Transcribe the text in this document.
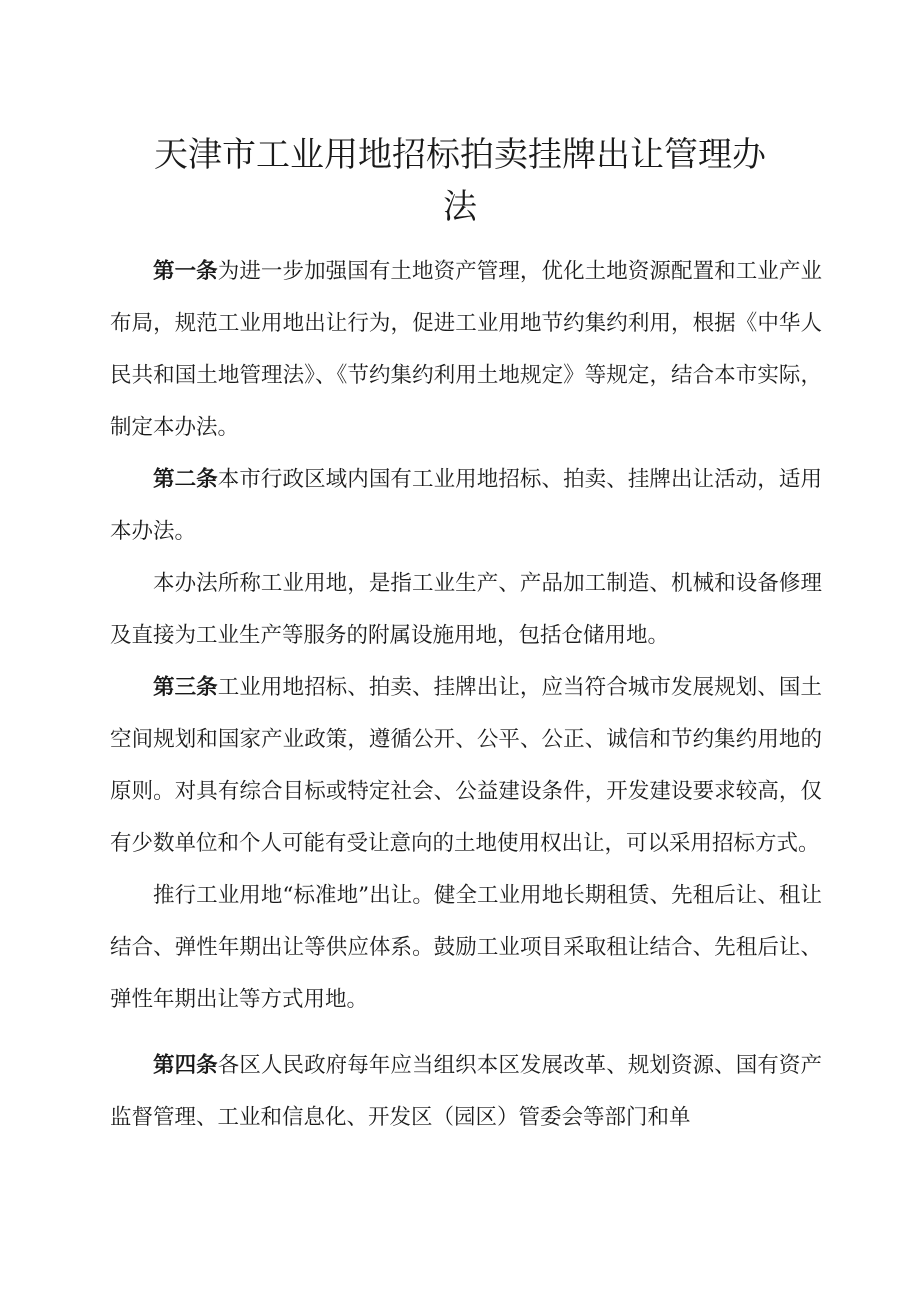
天津市工业用地招标拍卖挂牌出让管理办
法

第一条为进一步加强国有土地资产管理，优化土地资源配置和工业产业布局，规范工业用地出让行为，促进工业用地节约集约利用，根据《中华人民共和国土地管理法》、《节约集约利用土地规定》等规定，结合本市实际，制定本办法。

第二条本市行政区域内国有工业用地招标、拍卖、挂牌出让活动，适用本办法。

本办法所称工业用地，是指工业生产、产品加工制造、机械和设备修理及直接为工业生产等服务的附属设施用地，包括仓储用地。

第三条工业用地招标、拍卖、挂牌出让，应当符合城市发展规划、国土空间规划和国家产业政策，遵循公开、公平、公正、诚信和节约集约用地的原则。对具有综合目标或特定社会、公益建设条件，开发建设要求较高，仅有少数单位和个人可能有受让意向的土地使用权出让，可以采用招标方式。

推行工业用地“标准地”出让。健全工业用地长期租赁、先租后让、租让结合、弹性年期出让等供应体系。鼓励工业项目采取租让结合、先租后让、弹性年期出让等方式用地。

第四条各区人民政府每年应当组织本区发展改革、规划资源、国有资产监督管理、工业和信息化、开发区（园区）管委会等部门和单
